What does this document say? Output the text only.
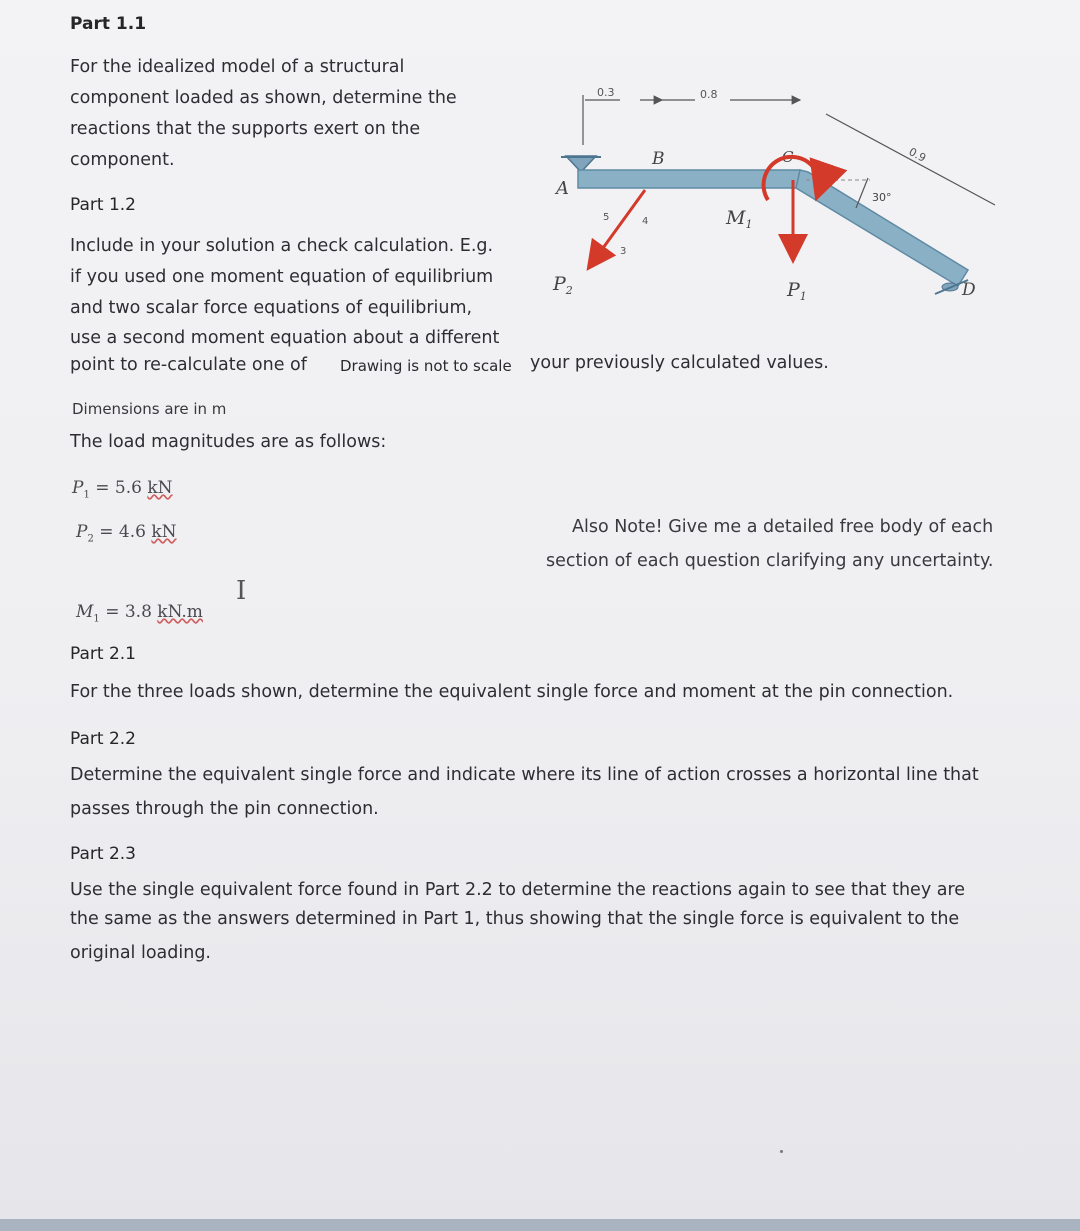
Part 1.1

For the idealized model of a structural

component loaded as shown, determine the

reactions that the supports exert on the

component.

Part 1.2

Include in your solution a check calculation. E.g.

if you used one moment equation of equilibrium

and two scalar force equations of equilibrium,

use a second moment equation about a different

point to re-calculate one of Drawing is not to scale your previously calculated values.

Dimensions are in m

The load magnitudes are as follows:

$P_1 = 5.6$ kN

$P_2 = 4.6$ kN

$M_1 = 3.8$ kN.m

I

Also Note! Give me a detailed free body of each

section of each question clarifying any uncertainty.

Part 2.1

For the three loads shown, determine the equivalent single force and moment at the pin connection.

Part 2.2

Determine the equivalent single force and indicate where its line of action crosses a horizontal line that

passes through the pin connection.

Part 2.3

Use the single equivalent force found in Part 2.2 to determine the reactions again to see that they are

the same as the answers determined in Part 1, thus showing that the single force is equivalent to the

original loading.

0.3	0.8
0.9
30°
A
B	C
D
5	4
3
$P_2$	$P_1$
$M_1$
